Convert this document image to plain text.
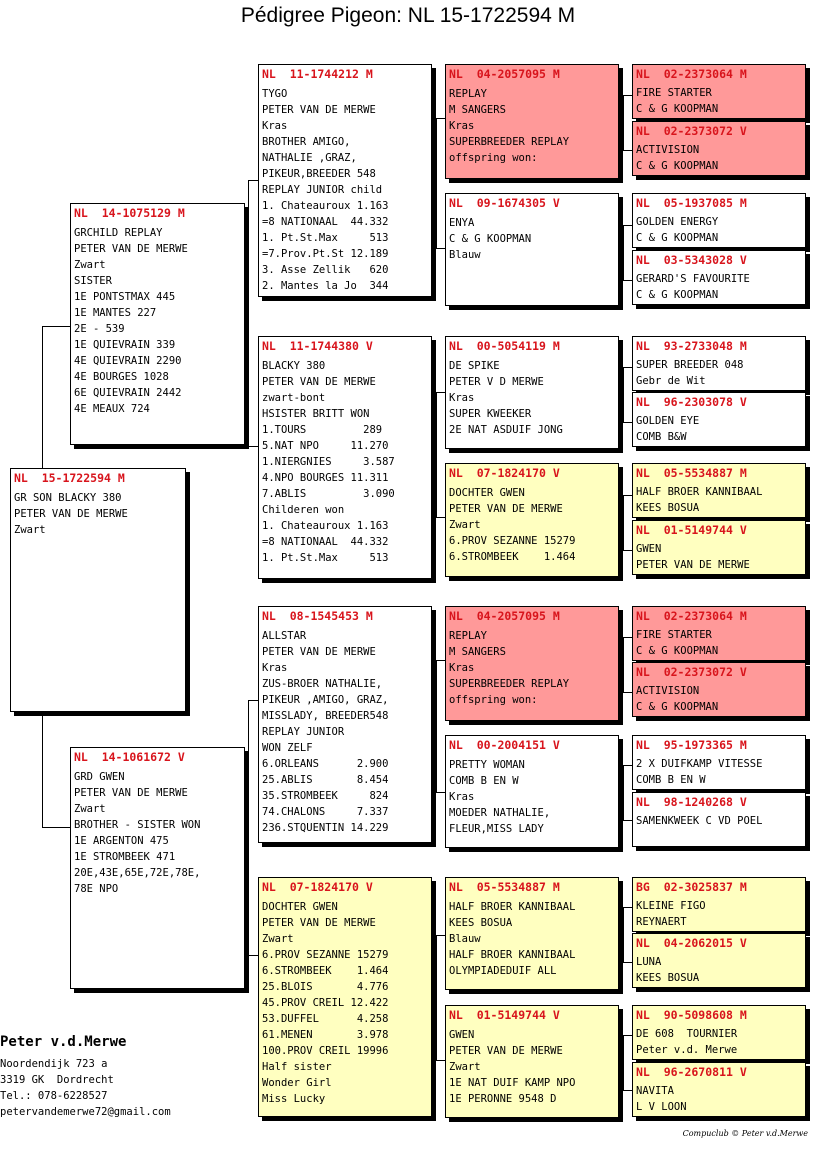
Pédigree Pigeon: NL 15-1722594 M
NL  15-1722594 M
GR SON BLACKY 380
PETER VAN DE MERWE
Zwart
NL  14-1075129 M
GRCHILD REPLAY
PETER VAN DE MERWE
Zwart
SISTER
1E PONTSTMAX 445
1E MANTES 227
2E - 539
1E QUIEVRAIN 339
4E QUIEVRAIN 2290
4E BOURGES 1028
6E QUIEVRAIN 2442
4E MEAUX 724
NL  14-1061672 V
GRD GWEN
PETER VAN DE MERWE
Zwart
BROTHER - SISTER WON
1E ARGENTON 475
1E STROMBEEK 471
20E,43E,65E,72E,78E,
78E NPO
NL  11-1744212 M
TYGO
PETER VAN DE MERWE
Kras
BROTHER AMIGO,
NATHALIE ,GRAZ,
PIKEUR,BREEDER 548
REPLAY JUNIOR child
1. Chateauroux 1.163
=8 NATIONAAL  44.332
1. Pt.St.Max     513
=7.Prov.Pt.St 12.189
3. Asse Zellik   620
2. Mantes la Jo  344
NL  11-1744380 V
BLACKY 380
PETER VAN DE MERWE
zwart-bont
HSISTER BRITT WON
1.TOURS         289
5.NAT NPO     11.270
1.NIERGNIES     3.587
4.NPO BOURGES 11.311
7.ABLIS         3.090
Childeren won
1. Chateauroux 1.163
=8 NATIONAAL  44.332
1. Pt.St.Max     513
NL  08-1545453 M
ALLSTAR
PETER VAN DE MERWE
Kras
ZUS-BROER NATHALIE,
PIKEUR ,AMIGO, GRAZ,
MISSLADY, BREEDER548
REPLAY JUNIOR
WON ZELF
6.ORLEANS      2.900
25.ABLIS       8.454
35.STROMBEEK     824
74.CHALONS     7.337
236.STQUENTIN 14.229
NL  07-1824170 V
DOCHTER GWEN
PETER VAN DE MERWE
Zwart
6.PROV SEZANNE 15279
6.STROMBEEK    1.464
25.BLOIS       4.776
45.PROV CREIL 12.422
53.DUFFEL      4.258
61.MENEN       3.978
100.PROV CREIL 19996
Half sister
Wonder Girl
Miss Lucky
NL  04-2057095 M
REPLAY
M SANGERS
Kras
SUPERBREEDER REPLAY
offspring won:
NL  09-1674305 V
ENYA
C & G KOOPMAN
Blauw
NL  00-5054119 M
DE SPIKE
PETER V D MERWE
Kras
SUPER KWEEKER
2E NAT ASDUIF JONG
NL  07-1824170 V
DOCHTER GWEN
PETER VAN DE MERWE
Zwart
6.PROV SEZANNE 15279
6.STROMBEEK    1.464
NL  04-2057095 M
REPLAY
M SANGERS
Kras
SUPERBREEDER REPLAY
offspring won:
NL  00-2004151 V
PRETTY WOMAN
COMB B EN W
Kras
MOEDER NATHALIE,
FLEUR,MISS LADY
NL  05-5534887 M
HALF BROER KANNIBAAL
KEES BOSUA
Blauw
HALF BROER KANNIBAAL
OLYMPIADEDUIF ALL
NL  01-5149744 V
GWEN
PETER VAN DE MERWE
Zwart
1E NAT DUIF KAMP NPO
1E PERONNE 9548 D
NL  02-2373064 M
FIRE STARTER
C & G KOOPMAN
NL  02-2373072 V
ACTIVISION
C & G KOOPMAN
NL  05-1937085 M
GOLDEN ENERGY
C & G KOOPMAN
NL  03-5343028 V
GERARD'S FAVOURITE
C & G KOOPMAN
NL  93-2733048 M
SUPER BREEDER 048
Gebr de Wit
NL  96-2303078 V
GOLDEN EYE
COMB B&W
NL  05-5534887 M
HALF BROER KANNIBAAL
KEES BOSUA
NL  01-5149744 V
GWEN
PETER VAN DE MERWE
NL  02-2373064 M
FIRE STARTER
C & G KOOPMAN
NL  02-2373072 V
ACTIVISION
C & G KOOPMAN
NL  95-1973365 M
2 X DUIFKAMP VITESSE
COMB B EN W
NL  98-1240268 V
SAMENKWEEK C VD POEL
BG  02-3025837 M
KLEINE FIGO
REYNAERT
NL  04-2062015 V
LUNA
KEES BOSUA
NL  90-5098608 M
DE 608  TOURNIER
Peter v.d. Merwe
NL  96-2670811 V
NAVITA
L V LOON
Peter v.d.Merwe
Noordendijk 723 a
3319 GK  Dordrecht
Tel.: 078-6228527
petervandemerwe72@gmail.com
Compuclub © Peter v.d.Merwe
